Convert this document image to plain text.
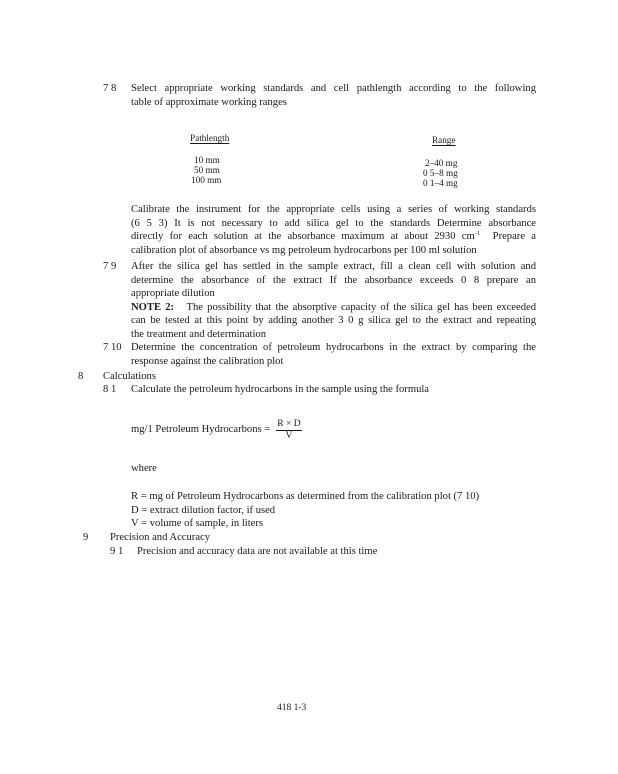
7 8 Select appropriate working standards and cell pathlength according to the following
table of approximate working ranges
Pathlength	Range
10 mm
50 mm
100 mm
2–40 mg
0 5–8 mg
0 1–4 mg
Calibrate the instrument for the appropriate cells using a series of working standards
(6 5 3) It is not necessary to add silica gel to the standards Determine absorbance
directly for each solution at the absorbance maximum at about 2930 $cm^{-1}$  Prepare a
calibration plot of absorbance vs mg petroleum hydrocarbons per 100 ml solution
7 9 After the silica gel has settled in the sample extract, fill a clean cell with solution and
determine the absorbance of the extract If the absorbance exceeds 0 8 prepare an
appropriate dilution
NOTE 2: The possibility that the absorptive capacity of the silica gel has been exceeded
can be tested at this point by adding another 3 0 g silica gel to the extract and repeating
the treatment and determination
7 10 Determine the concentration of petroleum hydrocarbons in the extract by comparing the
response against the calibration plot
8 Calculations
8 1 Calculate the petroleum hydrocarbons in the sample using the formula
mg/1 Petroleum Hydrocarbons = $\frac{R \times D}{V}$
where
R = mg of Petroleum Hydrocarbons as determined from the calibration plot (7 10)
D = extract dilution factor, if used
V = volume of sample, in liters
9 Precision and Accuracy
9 1 Precision and accuracy data are not available at this time
418 1-3
